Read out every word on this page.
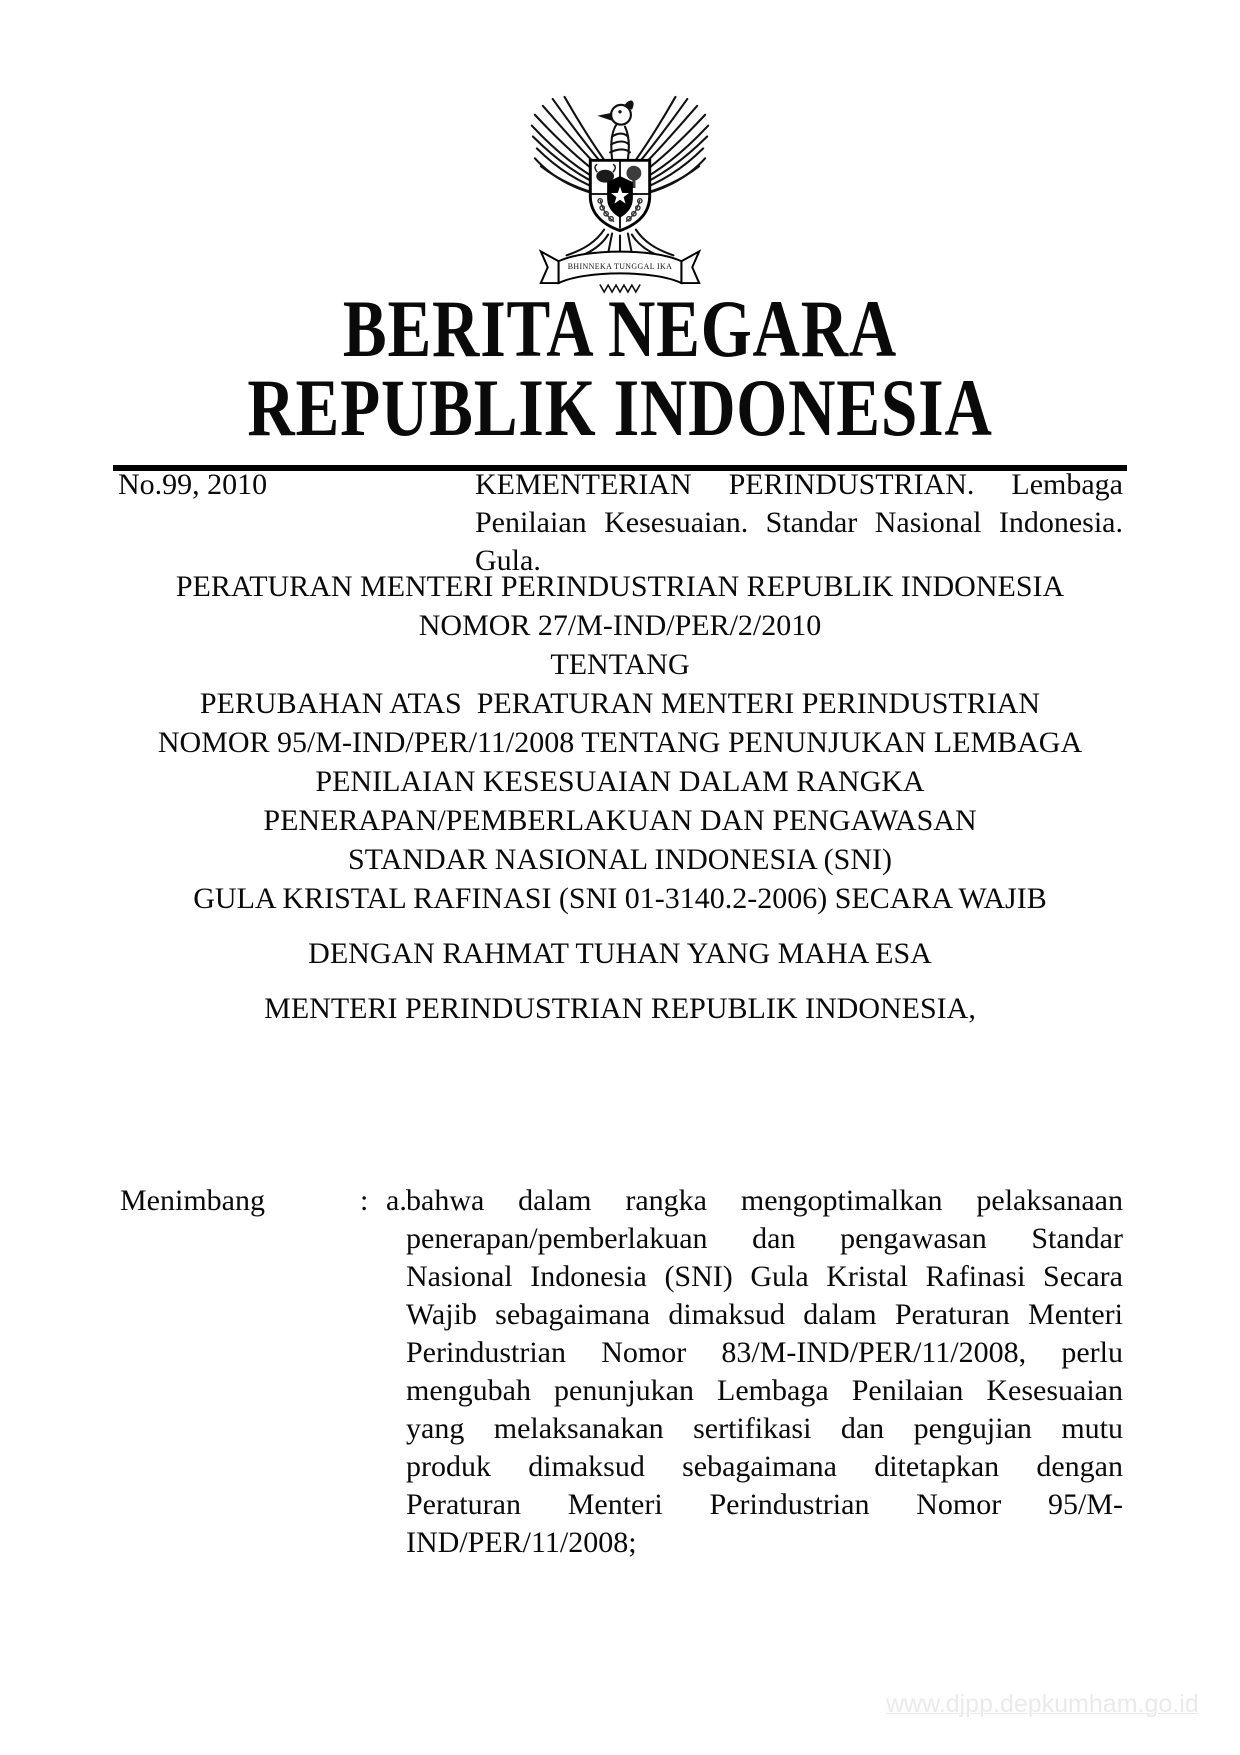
BHINNEKA TUNGGAL IKA
BERITA NEGARA
REPUBLIK INDONESIA
No.99, 2010	KEMENTERIAN PERINDUSTRIAN. Lembaga
Penilaian Kesesuaian. Standar Nasional Indonesia.
Gula.
PERATURAN MENTERI PERINDUSTRIAN REPUBLIK INDONESIA
NOMOR 27/M-IND/PER/2/2010
TENTANG
PERUBAHAN ATAS  PERATURAN MENTERI PERINDUSTRIAN
NOMOR 95/M-IND/PER/11/2008 TENTANG PENUNJUKAN LEMBAGA
PENILAIAN KESESUAIAN DALAM RANGKA
PENERAPAN/PEMBERLAKUAN DAN PENGAWASAN
STANDAR NASIONAL INDONESIA (SNI)
GULA KRISTAL RAFINASI (SNI 01-3140.2-2006) SECARA WAJIB
DENGAN RAHMAT TUHAN YANG MAHA ESA
MENTERI PERINDUSTRIAN REPUBLIK INDONESIA,
Menimbang	: a. bahwa dalam rangka mengoptimalkan pelaksanaan
penerapan/pemberlakuan dan pengawasan Standar
Nasional Indonesia (SNI) Gula Kristal Rafinasi Secara
Wajib sebagaimana dimaksud dalam Peraturan Menteri
Perindustrian Nomor 83/M-IND/PER/11/2008, perlu
mengubah penunjukan Lembaga Penilaian Kesesuaian
yang melaksanakan sertifikasi dan pengujian mutu
produk dimaksud sebagaimana ditetapkan dengan
Peraturan Menteri Perindustrian Nomor 95/M-
IND/PER/11/2008;
www.djpp.depkumham.go.id
